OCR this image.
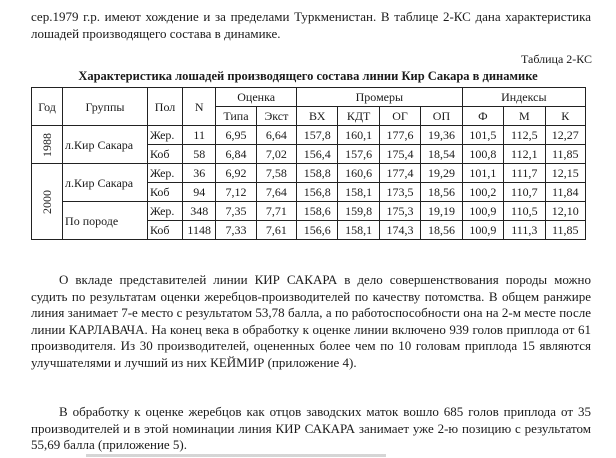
сер.1979 г.р. имеют хождение и за пределами Туркменистан. В таблице 2-КС дана характеристика лошадей производящего состава в динамике.
Таблица 2-КС
Характеристика лошадей производящего состава линии Кир Сакара в динамике
Год	Группы	Пол	N	Оценка		Промеры				Индексы		
				Типа	Экст	ВХ	КДТ	ОГ	ОП	Ф	М	К
1988	л.Кир Сакара	Жер.	11	6,95	6,64	157,8	160,1	177,6	19,36	101,5	112,5	12,27
		Коб	58	6,84	7,02	156,4	157,6	175,4	18,54	100,8	112,1	11,85
2000	л.Кир Сакара	Жер.	36	6,92	7,58	158,8	160,6	177,4	19,29	101,1	111,7	12,15
		Коб	94	7,12	7,64	156,8	158,1	173,5	18,56	100,2	110,7	11,84
	По породе	Жер.	348	7,35	7,71	158,6	159,8	175,3	19,19	100,9	110,5	12,10
		Коб	1148	7,33	7,61	156,6	158,1	174,3	18,56	100,9	111,3	11,85
О вкладе представителей линии КИР САКАРА в дело совершенствования породы можно судить по результатам оценки жеребцов-производителей по качеству потомства. В общем ранжире линия занимает 7-е место с результатом 53,78 балла, а по работоспособности она на 2-м месте после линии КАРЛАВАЧА. На конец века в обработку к оценке линии включено 939 голов приплода от 61 производителя. Из 30 производителей, оцененных более чем по 10 головам приплода 15 являются улучшателями и лучший из них КЕЙМИР (приложение 4).
В обработку к оценке жеребцов как отцов заводских маток вошло 685 голов приплода от 35 производителей и в этой номинации линия КИР САКАРА занимает уже 2-ю позицию с результатом 55,69 балла (приложение 5).
